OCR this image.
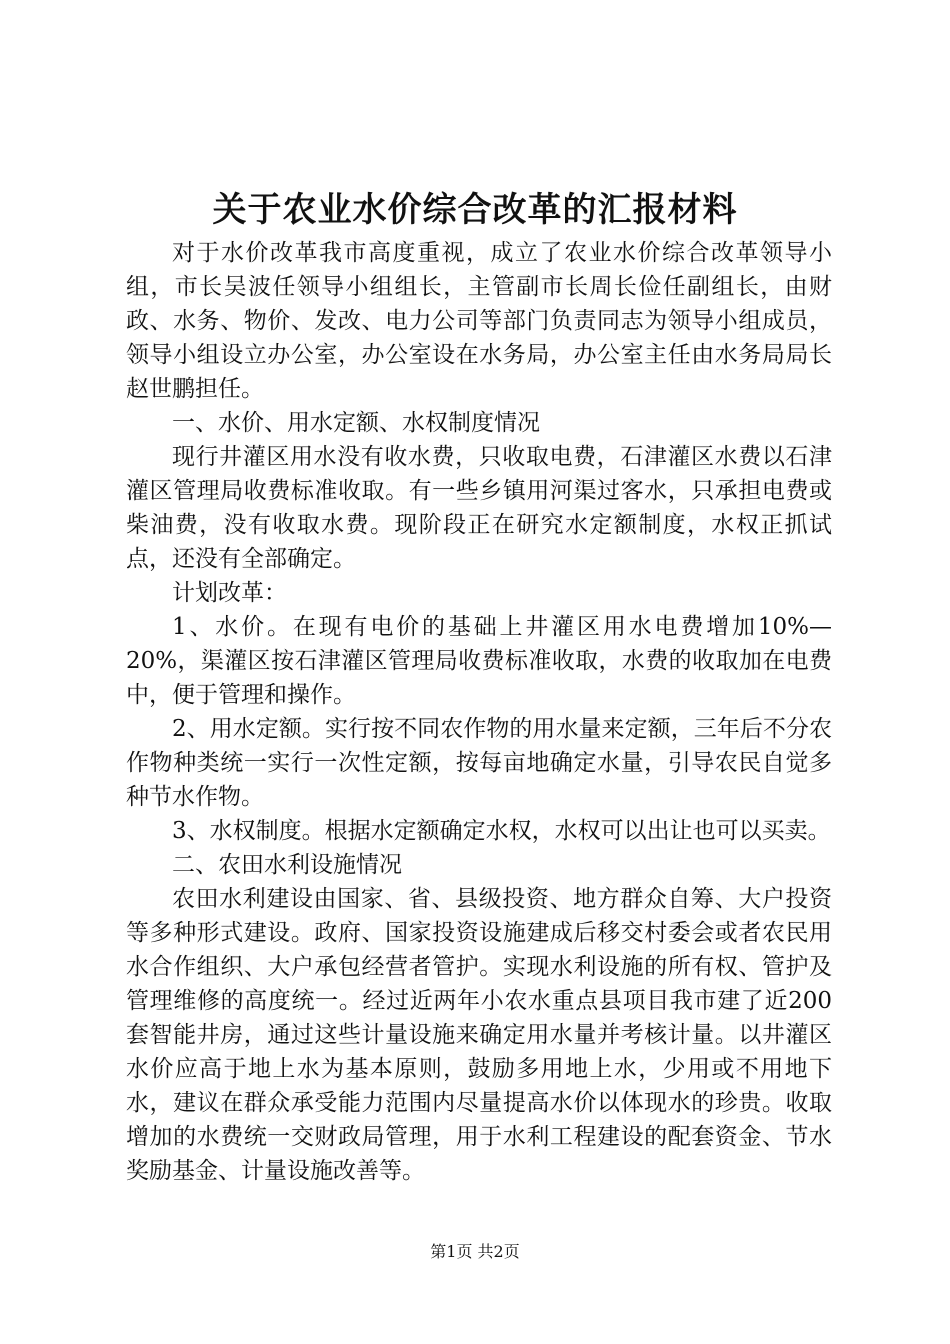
关于农业水价综合改革的汇报材料

对于水价改革我市高度重视，成立了农业水价综合改革领导小组，市长吴波任领导小组组长，主管副市长周长俭任副组长，由财政、水务、物价、发改、电力公司等部门负责同志为领导小组成员，领导小组设立办公室，办公室设在水务局，办公室主任由水务局局长赵世鹏担任。

一、水价、用水定额、水权制度情况

现行井灌区用水没有收水费，只收取电费，石津灌区水费以石津灌区管理局收费标准收取。有一些乡镇用河渠过客水，只承担电费或柴油费，没有收取水费。现阶段正在研究水定额制度，水权正抓试点，还没有全部确定。

计划改革：

1、水价。在现有电价的基础上井灌区用水电费增加10%—20%，渠灌区按石津灌区管理局收费标准收取，水费的收取加在电费中，便于管理和操作。

2、用水定额。实行按不同农作物的用水量来定额，三年后不分农作物种类统一实行一次性定额，按每亩地确定水量，引导农民自觉多种节水作物。

3、水权制度。根据水定额确定水权，水权可以出让也可以买卖。

二、农田水利设施情况

农田水利建设由国家、省、县级投资、地方群众自筹、大户投资等多种形式建设。政府、国家投资设施建成后移交村委会或者农民用水合作组织、大户承包经营者管护。实现水利设施的所有权、管护及管理维修的高度统一。经过近两年小农水重点县项目我市建了近200套智能井房，通过这些计量设施来确定用水量并考核计量。以井灌区水价应高于地上水为基本原则，鼓励多用地上水，少用或不用地下水，建议在群众承受能力范围内尽量提高水价以体现水的珍贵。收取增加的水费统一交财政局管理，用于水利工程建设的配套资金、节水奖励基金、计量设施改善等。

第1页 共2页
